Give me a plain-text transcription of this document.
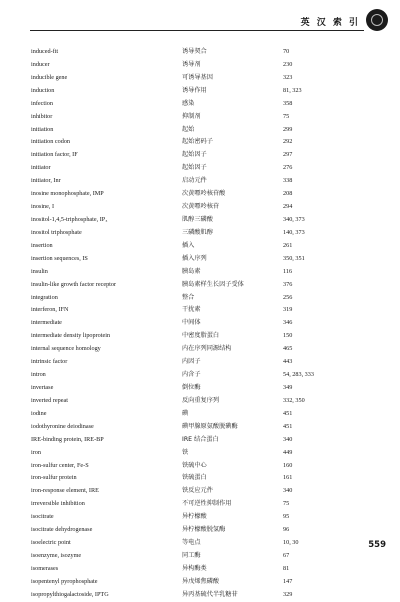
英 汉 索 引
induced-fit	诱导契合	70
inducer	诱导剂	230
inducible gene	可诱导基因	323
induction	诱导作用	81, 323
infection	感染	358
inhibitor	抑制剂	75
initiation	起始	299
initiation codon	起始密码子	292
initiation factor, IF	起始因子	297
initiator	起始因子	276
initiator, Inr	启动元件	338
inosine monophosphate, IMP	次黄嘌呤核苷酸	208
inosine, I	次黄嘌呤核苷	294
inositol-1,4,5-triphosphate, IP₃	肌醇三磷酸	340, 373
inositol triphosphate	三磷酸肌醇	140, 373
insertion	插入	261
insertion sequences, IS	插入序列	350, 351
insulin	胰岛素	116
insulin-like growth factor receptor	胰岛素样生长因子受体	376
integration	整合	256
interferon, IFN	干扰素	319
intermediate	中间体	346
intermediate density lipoprotein	中密度脂蛋白	150
internal sequence homology	内在序列同源结构	465
intrinsic factor	内因子	443
intron	内含子	54, 283, 333
invertase	倒位酶	349
inverted repeat	反向重复序列	332, 350
iodine	碘	451
iodothyronine deiodinase	碘甲腺原氨酸脱碘酶	451
IRE-binding protein, IRE-BP	IRE 结合蛋白	340
iron	铁	449
iron-sulfur center, Fe-S	铁硫中心	160
iron-sulfur protein	铁硫蛋白	161
iron-response element, IRE	铁反应元件	340
irreversible inhibition	不可逆性抑制作用	75
isocitrate	异柠檬酸	95
isocitrate dehydrogenase	异柠檬酸脱氢酶	96
isoelectric point	等电点	10, 30
isoenzyme, isozyme	同工酶	67
isomerases	异构酶类	81
isopentenyl pyrophosphate	异戊烯焦磷酸	147
isopropylthiogalactoside, IPTG	异丙基硫代半乳糖苷	329
559
